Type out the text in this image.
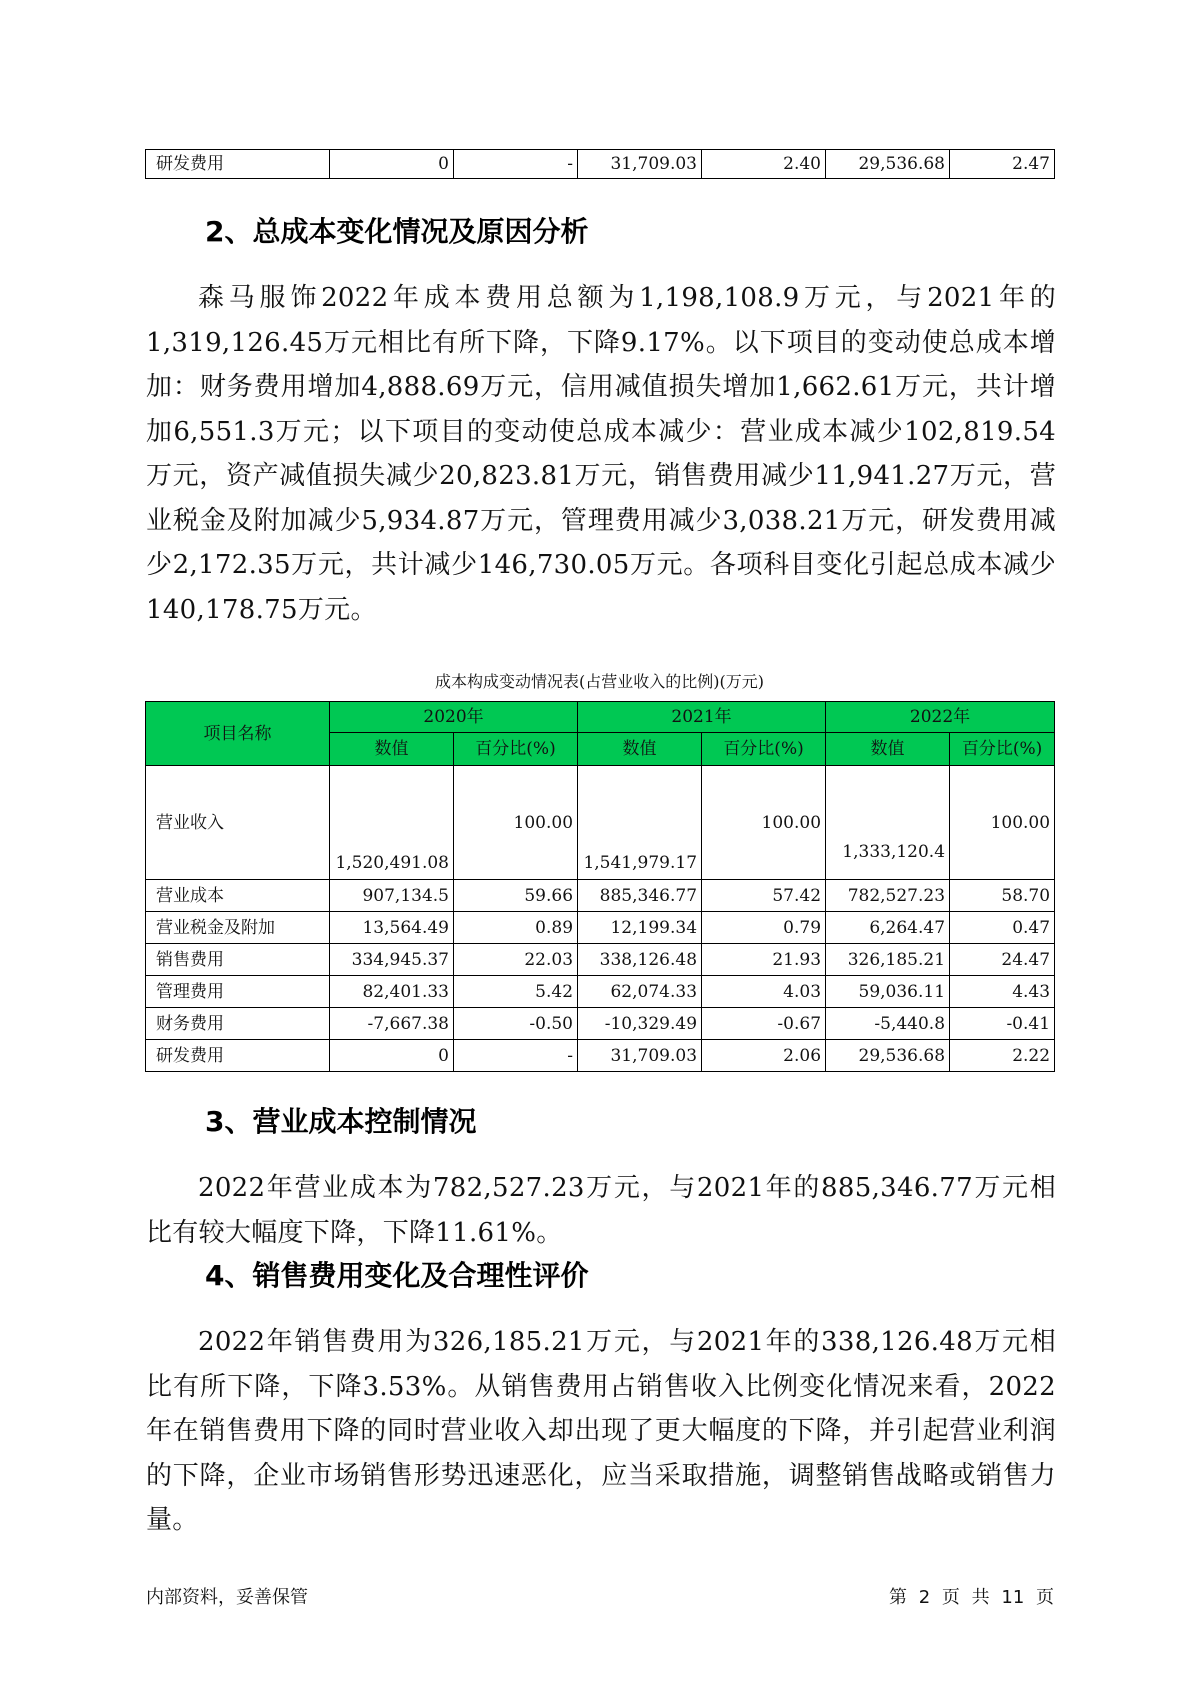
研发费用	0	-	31,709.03	2.40	29,536.68	2.47
2、总成本变化情况及原因分析

森马服饰2022年成本费用总额为1,198,108.9万元，与2021年的1,319,126.45万元相比有所下降，下降9.17%。以下项目的变动使总成本增加：财务费用增加4,888.69万元，信用减值损失增加1,662.61万元，共计增加6,551.3万元；以下项目的变动使总成本减少：营业成本减少102,819.54万元，资产减值损失减少20,823.81万元，销售费用减少11,941.27万元，营业税金及附加减少5,934.87万元，管理费用减少3,038.21万元，研发费用减少2,172.35万元，共计减少146,730.05万元。各项科目变化引起总成本减少140,178.75万元。

成本构成变动情况表(占营业收入的比例)(万元)
项目名称	2020年		2021年		2022年	
	数值	百分比(%)	数值	百分比(%)	数值	百分比(%)
营业收入	1,520,491.08	100.00	1,541,979.17	100.00	1,333,120.4	100.00
营业成本	907,134.5	59.66	885,346.77	57.42	782,527.23	58.70
营业税金及附加	13,564.49	0.89	12,199.34	0.79	6,264.47	0.47
销售费用	334,945.37	22.03	338,126.48	21.93	326,185.21	24.47
管理费用	82,401.33	5.42	62,074.33	4.03	59,036.11	4.43
财务费用	-7,667.38	-0.50	-10,329.49	-0.67	-5,440.8	-0.41
研发费用	0	-	31,709.03	2.06	29,536.68	2.22
3、营业成本控制情况

2022年营业成本为782,527.23万元，与2021年的885,346.77万元相比有较大幅度下降，下降11.61%。

4、销售费用变化及合理性评价

2022年销售费用为326,185.21万元，与2021年的338,126.48万元相比有所下降，下降3.53%。从销售费用占销售收入比例变化情况来看，2022年在销售费用下降的同时营业收入却出现了更大幅度的下降，并引起营业利润的下降，企业市场销售形势迅速恶化，应当采取措施，调整销售战略或销售力量。

内部资料，妥善保管	第 2 页 共 11 页
